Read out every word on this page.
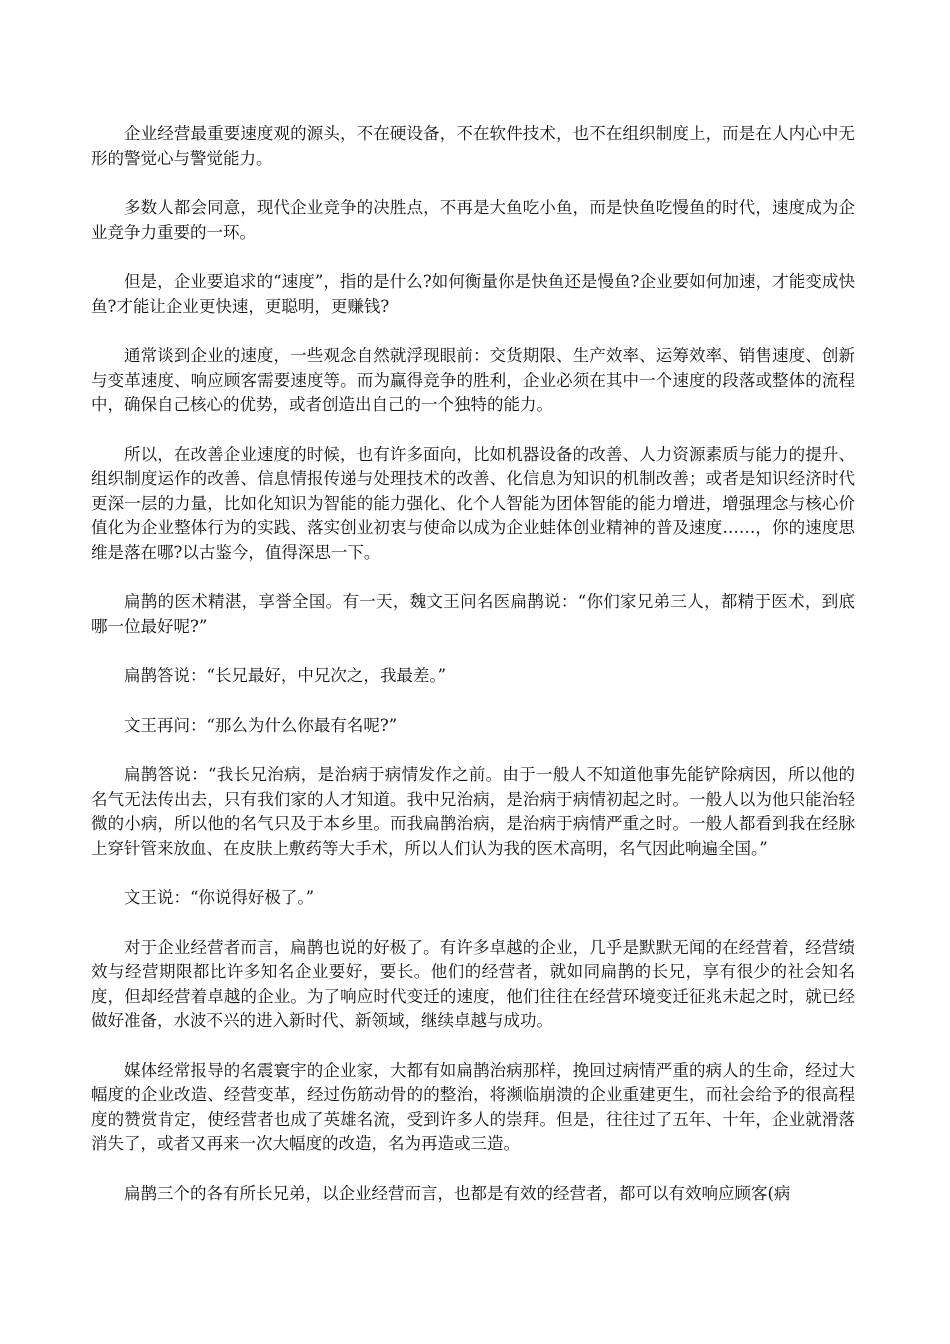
企业经营最重要速度观的源头，不在硬设备，不在软件技术，也不在组织制度上，而是在人内心中无形的警觉心与警觉能力。

多数人都会同意，现代企业竞争的决胜点，不再是大鱼吃小鱼，而是快鱼吃慢鱼的时代，速度成为企业竞争力重要的一环。

但是，企业要追求的“速度”，指的是什么?如何衡量你是快鱼还是慢鱼?企业要如何加速，才能变成快鱼?才能让企业更快速，更聪明，更赚钱?

通常谈到企业的速度，一些观念自然就浮现眼前：交货期限、生产效率、运筹效率、销售速度、创新与变革速度、响应顾客需要速度等。而为赢得竞争的胜利，企业必须在其中一个速度的段落或整体的流程中，确保自己核心的优势，或者创造出自己的一个独特的能力。

所以，在改善企业速度的时候，也有许多面向，比如机器设备的改善、人力资源素质与能力的提升、组织制度运作的改善、信息情报传递与处理技术的改善、化信息为知识的机制改善；或者是知识经济时代更深一层的力量，比如化知识为智能的能力强化、化个人智能为团体智能的能力增进，增强理念与核心价值化为企业整体行为的实践、落实创业初衷与使命以成为企业蛙体创业精神的普及速度……，你的速度思维是落在哪?以古鉴今，值得深思一下。

扁鹊的医术精湛，享誉全国。有一天，魏文王问名医扁鹊说：“你们家兄弟三人，都精于医术，到底哪一位最好呢?”

扁鹊答说：“长兄最好，中兄次之，我最差。”

文王再问：“那么为什么你最有名呢?”

扁鹊答说：“我长兄治病，是治病于病情发作之前。由于一般人不知道他事先能铲除病因，所以他的名气无法传出去，只有我们家的人才知道。我中兄治病，是治病于病情初起之时。一般人以为他只能治轻微的小病，所以他的名气只及于本乡里。而我扁鹊治病，是治病于病情严重之时。一般人都看到我在经脉上穿针管来放血、在皮肤上敷药等大手术，所以人们认为我的医术高明，名气因此响遍全国。”

文王说：“你说得好极了。”

对于企业经营者而言，扁鹊也说的好极了。有许多卓越的企业，几乎是默默无闻的在经营着，经营绩效与经营期限都比许多知名企业要好，要长。他们的经营者，就如同扁鹊的长兄，享有很少的社会知名度，但却经营着卓越的企业。为了响应时代变迁的速度，他们往往在经营环境变迁征兆未起之时，就已经做好准备，水波不兴的进入新时代、新领域，继续卓越与成功。

媒体经常报导的名震寰宇的企业家，大都有如扁鹊治病那样，挽回过病情严重的病人的生命，经过大幅度的企业改造、经营变革，经过伤筋动骨的的整治，将濒临崩溃的企业重建更生，而社会给予的很高程度的赞赏肯定，使经营者也成了英雄名流，受到许多人的崇拜。但是，往往过了五年、十年，企业就滑落消失了，或者又再来一次大幅度的改造，名为再造或三造。

扁鹊三个的各有所长兄弟，以企业经营而言，也都是有效的经营者，都可以有效响应顾客(病
